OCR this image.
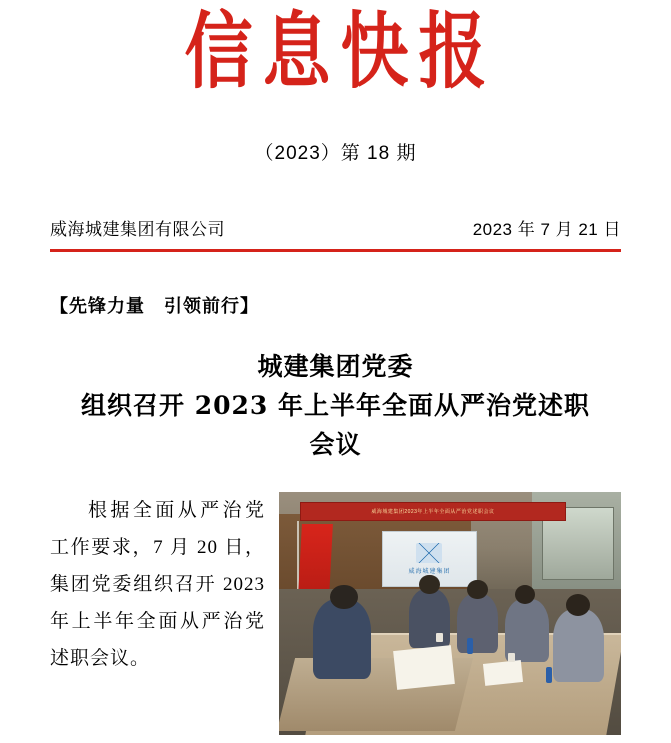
信息快报
（2023）第 18 期
威海城建集团有限公司	2023 年 7 月 21 日
【先锋力量　引领前行】
城建集团党委
组织召开 2023 年上半年全面从严治党述职
会议

根据全面从严治党工作要求，7 月 20 日，集团党委组织召开 2023 年上半年全面从严治党述职会议。

威海城建集团2023年上半年全面从严治党述职会议
威海城建集团
